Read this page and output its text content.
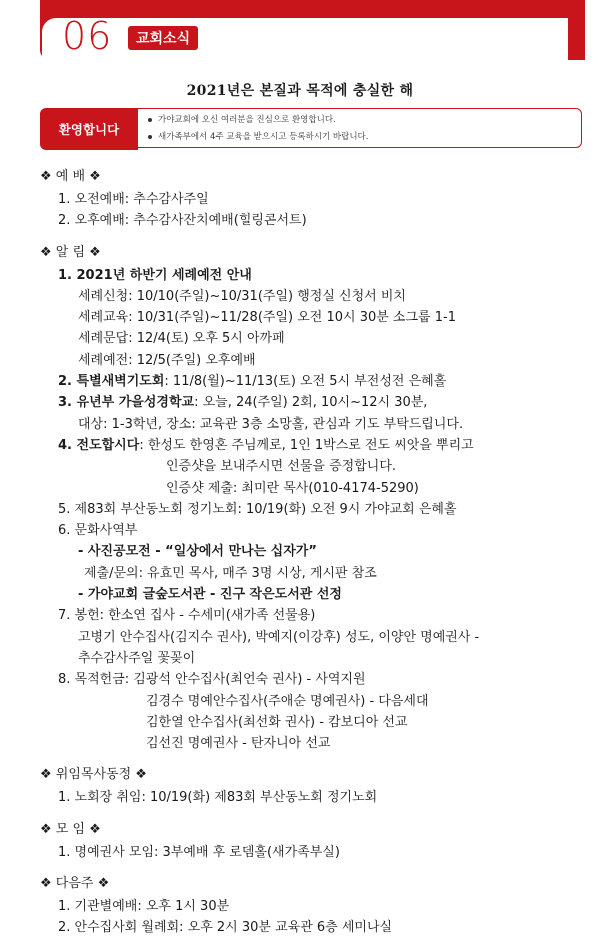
06	교회소식
2021년은 본질과 목적에 충실한 해
환영합니다
가야교회에 오신 여러분을 진심으로 환영합니다.
새가족부에서 4주 교육을 받으시고 등록하시기 바랍니다.
❖ 예 배 ❖
1. 오전예배: 추수감사주일
2. 오후예배: 추수감사잔치예배(힐링콘서트)
❖ 알 림 ❖
1. 2021년 하반기 세례예전 안내
세례신청: 10/10(주일)~10/31(주일) 행정실 신청서 비치
세례교육: 10/31(주일)~11/28(주일) 오전 10시 30분 소그룹 1-1
세례문답: 12/4(토) 오후 5시 아까페
세례예전: 12/5(주일) 오후예배
2. 특별새벽기도회: 11/8(월)~11/13(토) 오전 5시 부전성전 은혜홀
3. 유년부 가을성경학교: 오늘, 24(주일) 2회, 10시~12시 30분,
대상: 1-3학년, 장소: 교육관 3층 소망홀, 관심과 기도 부탁드립니다.
4. 전도합시다: 한성도 한영혼 주님께로, 1인 1박스로 전도 씨앗을 뿌리고
인증샷을 보내주시면 선물을 증정합니다.
인증샷 제출: 최미란 목사(010-4174-5290)
5. 제83회 부산동노회 정기노회: 10/19(화) 오전 9시 가야교회 은혜홀
6. 문화사역부
- 사진공모전 - “일상에서 만나는 십자가”
제출/문의: 유효민 목사, 매주 3명 시상, 게시판 참조
- 가야교회 글숲도서관 - 진구 작은도서관 선정
7. 봉헌: 한소연 집사 - 수세미(새가족 선물용)
고병기 안수집사(김지수 권사), 박예지(이강후) 성도, 이양안 명예권사 -
추수감사주일 꽃꽂이
8. 목적헌금: 김광석 안수집사(최언숙 권사) - 사역지원
김경수 명예안수집사(주애순 명예권사) - 다음세대
김한열 안수집사(최선화 권사) - 캄보디아 선교
김선진 명예권사 - 탄자니아 선교
❖ 위임목사동정 ❖
1. 노회장 취임: 10/19(화) 제83회 부산동노회 정기노회
❖ 모 임 ❖
1. 명예권사 모임: 3부예배 후 로뎀홀(새가족부실)
❖ 다음주 ❖
1. 기관별예배: 오후 1시 30분
2. 안수집사회 월례회: 오후 2시 30분 교육관 6층 세미나실
